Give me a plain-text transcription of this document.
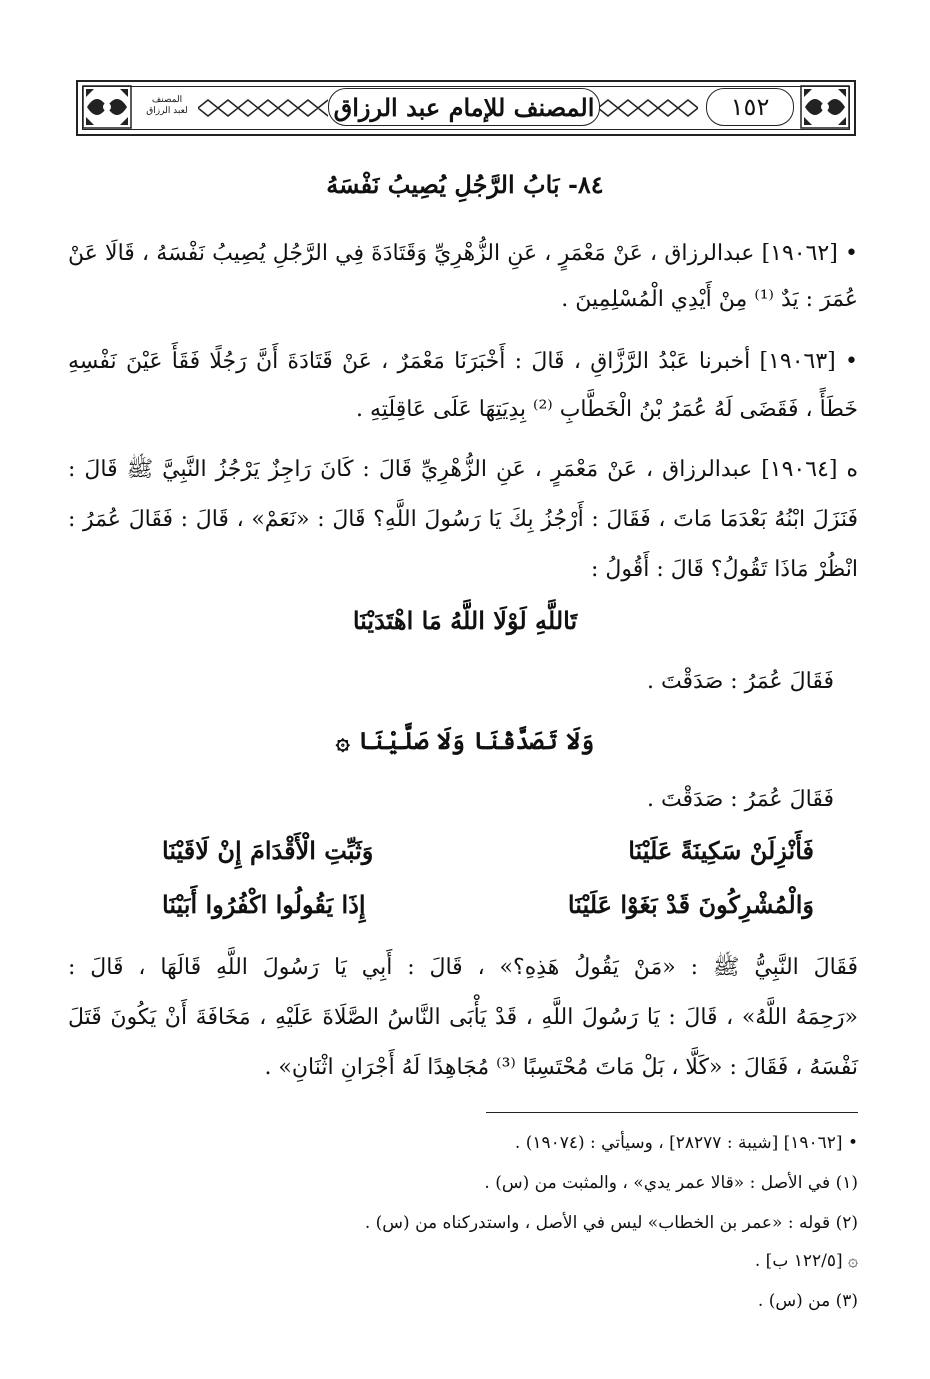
المصنف
لعبد الرزاق	المصنف للإمام عبد الرزاق	١٥٢
٨٤- بَابُ الرَّجُلِ يُصِيبُ نَفْسَهُ
• [١٩٠٦٢] عبدالرزاق ، عَنْ مَعْمَرٍ ، عَنِ الزُّهْرِيِّ وَقَتَادَةَ فِي الرَّجُلِ يُصِيبُ نَفْسَهُ ، قَالَا عَنْ
عُمَرَ : يَدٌ ⁽¹⁾ مِنْ أَيْدِي الْمُسْلِمِينَ .
• [١٩٠٦٣] أخبرنا عَبْدُ الرَّزَّاقِ ، قَالَ : أَخْبَرَنَا مَعْمَرٌ ، عَنْ قَتَادَةَ أَنَّ رَجُلًا فَقَأَ عَيْنَ نَفْسِهِ
خَطَأً ، فَقَضَى لَهُ عُمَرُ بْنُ الْخَطَّابِ ⁽²⁾ بِدِيَتِهَا عَلَى عَاقِلَتِهِ .
ه [١٩٠٦٤] عبدالرزاق ، عَنْ مَعْمَرٍ ، عَنِ الزُّهْرِيِّ قَالَ : كَانَ رَاجِزٌ يَرْجُزُ النَّبِيَّ ﷺ قَالَ :
فَنَزَلَ ابْنُهُ بَعْدَمَا مَاتَ ، فَقَالَ : أَرْجُزُ بِكَ يَا رَسُولَ اللَّهِ؟ قَالَ : «نَعَمْ» ، قَالَ : فَقَالَ عُمَرُ :
انْظُرْ مَاذَا تَقُولُ؟ قَالَ : أَقُولُ :
تَاللَّهِ لَوْلَا اللَّهُ مَا اهْتَدَيْنَا
فَقَالَ عُمَرُ : صَدَقْتَ .
وَلَا تَصَدَّقْنَا وَلَا صَلَّيْنَا ۞
فَقَالَ عُمَرُ : صَدَقْتَ .
فَأَنْزِلَنْ سَكِينَةً عَلَيْنَا
وَثَبِّتِ الْأَقْدَامَ إِنْ لَاقَيْنَا
وَالْمُشْرِكُونَ قَدْ بَغَوْا عَلَيْنَا
إِذَا يَقُولُوا اكْفُرُوا أَبَيْنَا
فَقَالَ النَّبِيُّ ﷺ : «مَنْ يَقُولُ هَذِهِ؟» ، قَالَ : أَبِي يَا رَسُولَ اللَّهِ قَالَهَا ، قَالَ :
«رَحِمَهُ اللَّهُ» ، قَالَ : يَا رَسُولَ اللَّهِ ، قَدْ يَأْبَى النَّاسُ الصَّلَاةَ عَلَيْهِ ، مَخَافَةَ أَنْ يَكُونَ قَتَلَ
نَفْسَهُ ، فَقَالَ : «كَلَّا ، بَلْ مَاتَ مُحْتَسِبًا ⁽³⁾ مُجَاهِدًا لَهُ أَجْرَانِ اثْنَانِ» .
• [١٩٠٦٢] [شيبة : ٢٨٢٧٧] ، وسيأتي : (١٩٠٧٤) .
(١) في الأصل : «قالا عمر يدي» ، والمثبت من (س) .
(٢) قوله : «عمر بن الخطاب» ليس في الأصل ، واستدركناه من (س) .
۞ [١٢٢/٥ ب] .
(٣) من (س) .
